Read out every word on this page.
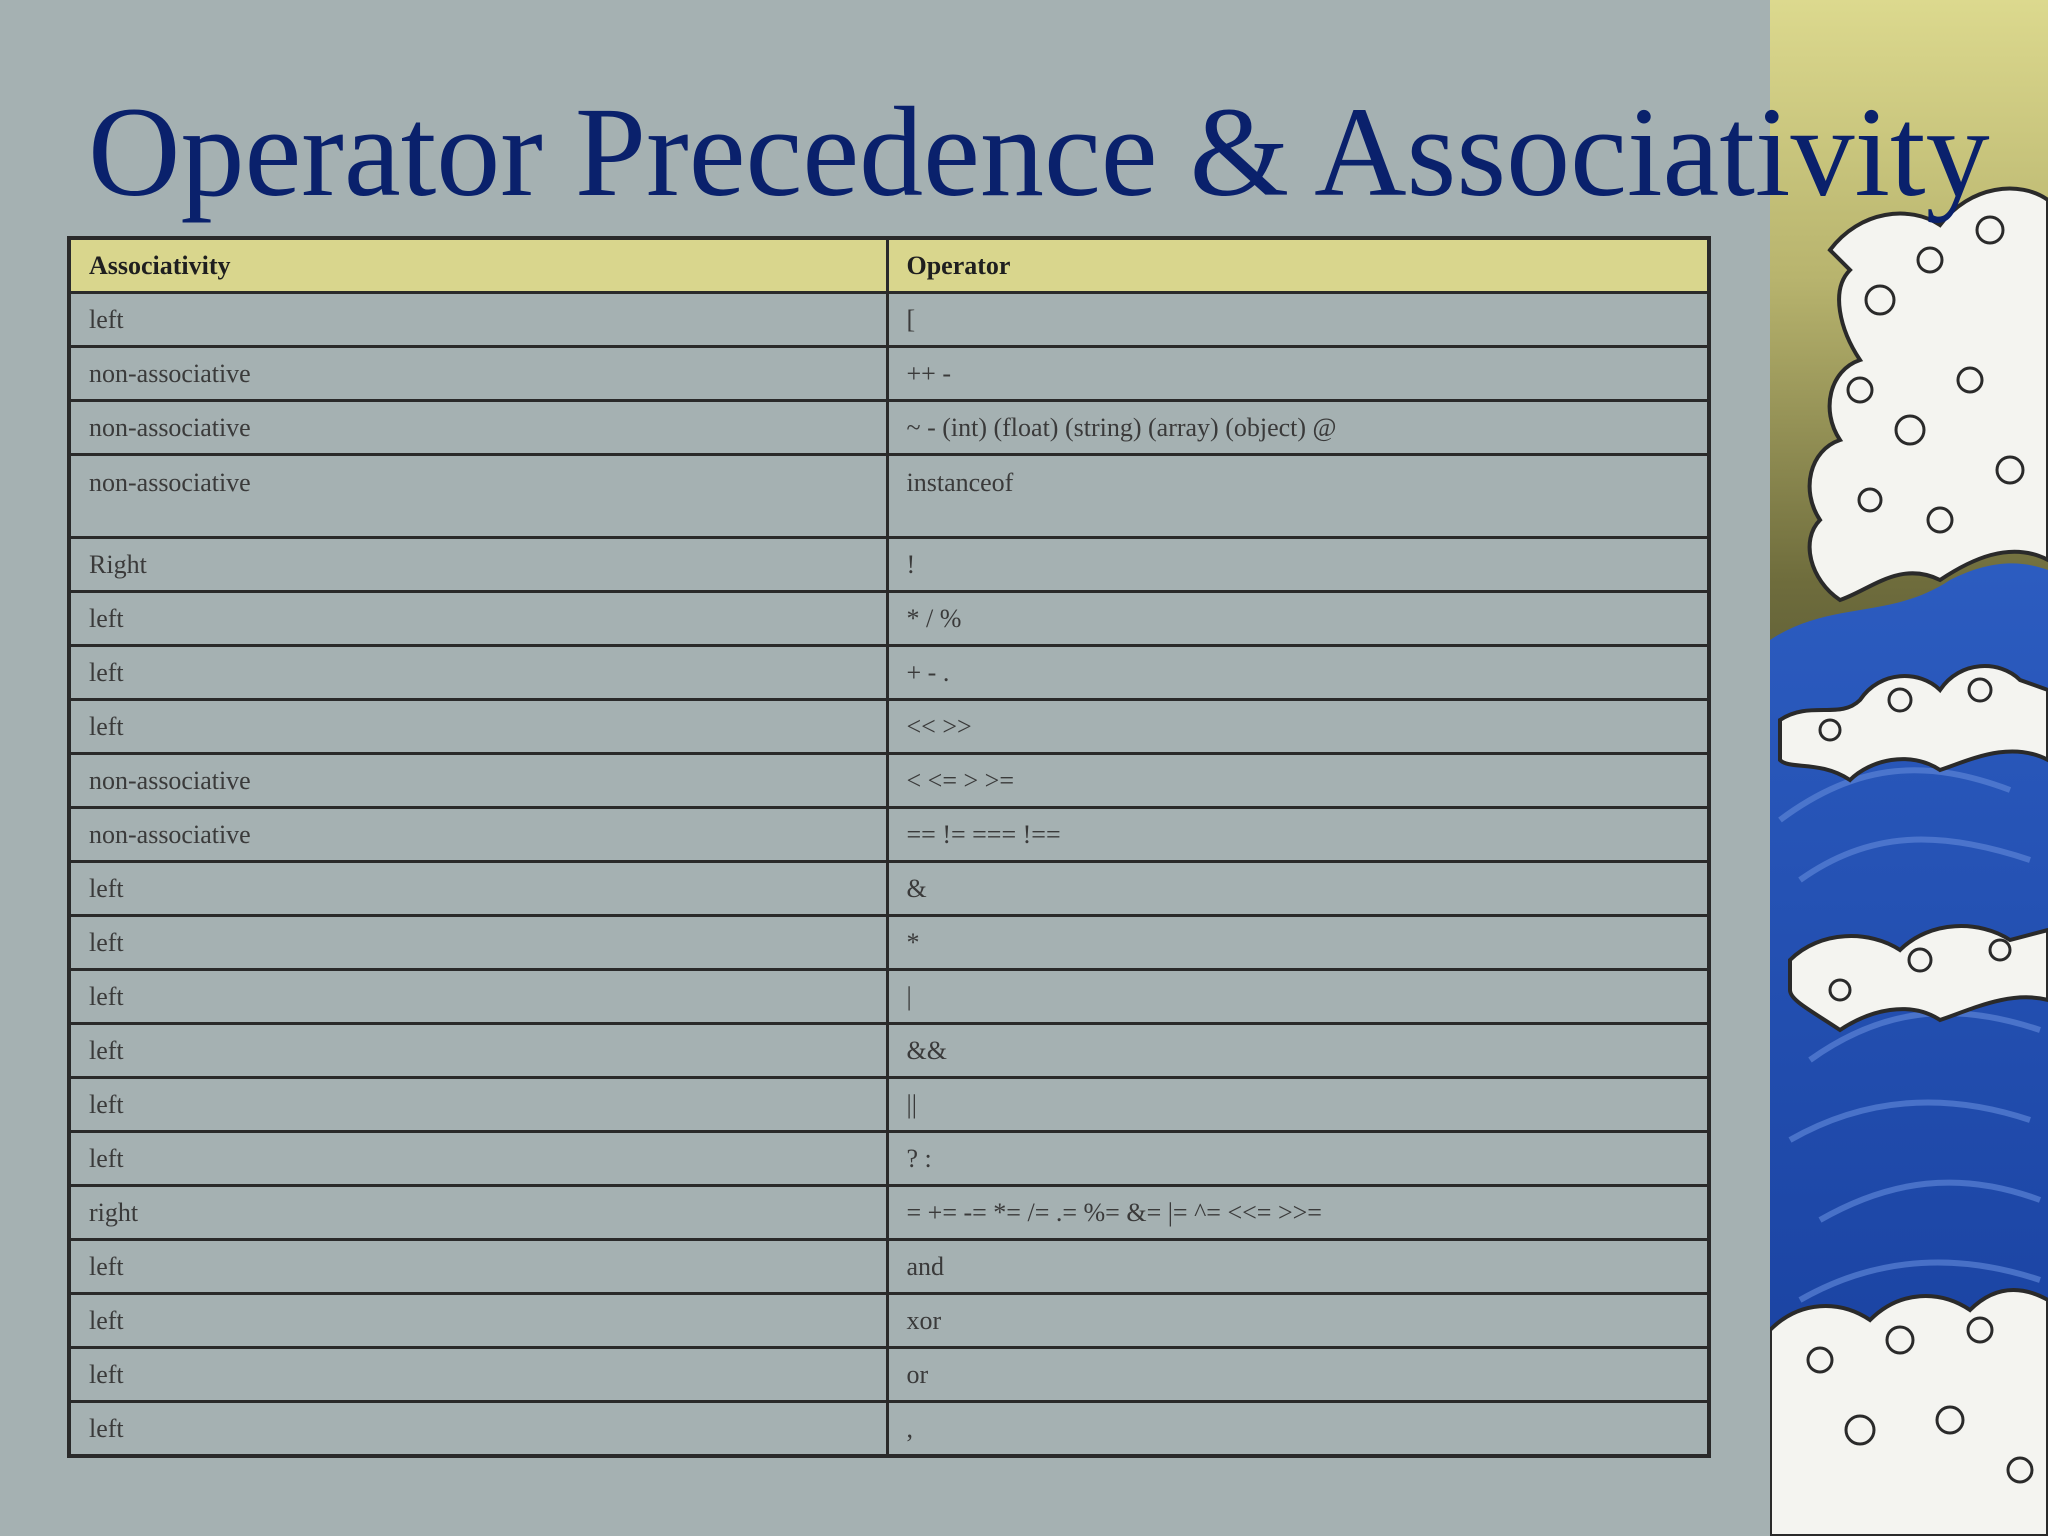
Operator Precedence & Associativity
Associativity	Operator
left	[
non-associative	++ -
non-associative	~ - (int) (float) (string) (array) (object) @
non-associative	instanceof
Right	!
left	* / %
left	+ - .
left	<< >>
non-associative	< <= > >=
non-associative	== != === !==
left	&
left	*
left	|
left	&&
left	||
left	? :
right	= += -= *= /= .= %= &= |= ^= <<= >>=
left	and
left	xor
left	or
left	,
